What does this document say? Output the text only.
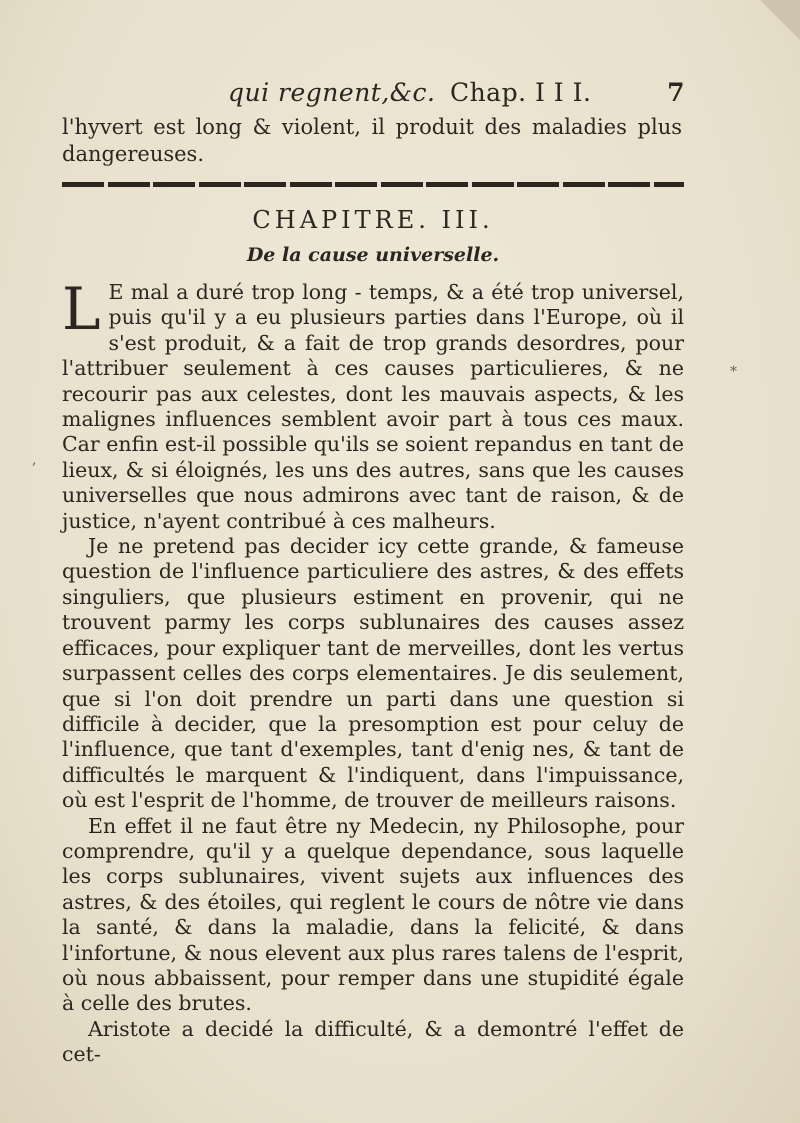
qui regnent,&c. Chap. I I I.	7
l'hyvert est long & violent, il produit des maladies plus dangereuses.
CHAPITRE. III.
De la cause universelle.

L E mal a duré trop long - temps, & a été trop universel, puis qu'il y a eu plusieurs parties dans l'Europe, où il s'est produit, & a fait de trop grands desordres, pour l'attribuer seulement à ces causes particulieres, & ne recourir pas aux celestes, dont les mauvais aspects, & les malignes influences semblent avoir part à tous ces maux. Car enfin est-il possible qu'ils se soient repandus en tant de lieux, & si éloignés, les uns des autres, sans que les causes universelles que nous admirons avec tant de raison, & de justice, n'ayent contribué à ces malheurs.

Je ne pretend pas decider icy cette grande, & fameuse question de l'influence particuliere des astres, & des effets singuliers, que plusieurs estiment en provenir, qui ne trouvent parmy les corps sublunaires des causes assez efficaces, pour expliquer tant de merveilles, dont les vertus surpassent celles des corps elementaires. Je dis seulement, que si l'on doit prendre un parti dans une question si difficile à decider, que la presomption est pour celuy de l'influence, que tant d'exemples, tant d'enig nes, & tant de difficultés le marquent & l'indiquent, dans l'impuissance, où est l'esprit de l'homme, de trouver de meilleurs raisons.

En effet il ne faut être ny Medecin, ny Philosophe, pour comprendre, qu'il y a quelque dependance, sous laquelle les corps sublunaires, vivent sujets aux influences des astres, & des étoiles, qui reglent le cours de nôtre vie dans la santé, & dans la maladie, dans la felicité, & dans l'infortune, & nous elevent aux plus rares talens de l'esprit, où nous abbaissent, pour remper dans une stupidité égale à celle des brutes.

Aristote a decidé la difficulté, & a demontré l'effet de cet-

*
,
